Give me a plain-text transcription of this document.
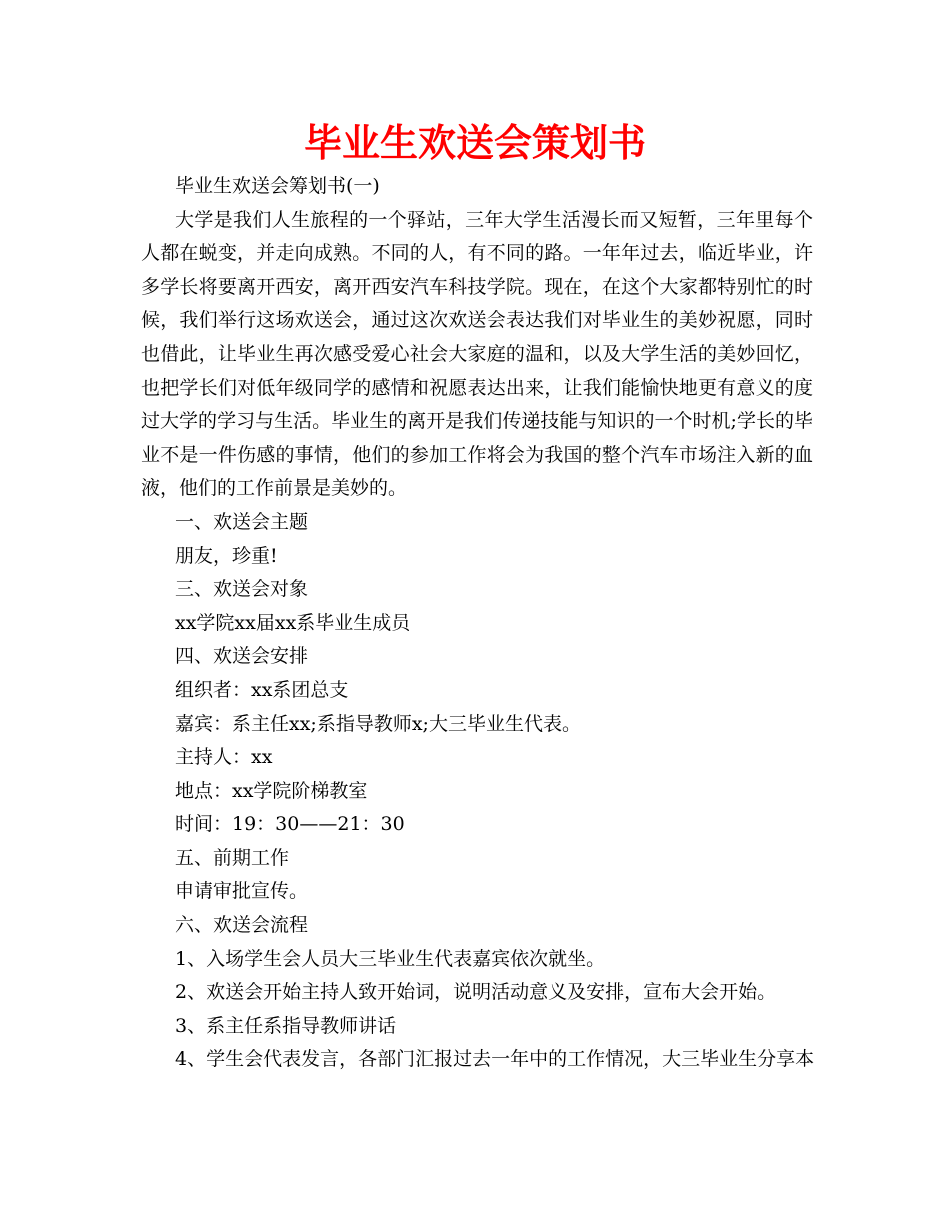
毕业生欢送会策划书

毕业生欢送会筹划书(一)

大学是我们人生旅程的一个驿站，三年大学生活漫长而又短暂，三年里每个人都在蜕变，并走向成熟。不同的人，有不同的路。一年年过去，临近毕业，许多学长将要离开西安，离开西安汽车科技学院。现在，在这个大家都特别忙的时候，我们举行这场欢送会，通过这次欢送会表达我们对毕业生的美妙祝愿，同时也借此，让毕业生再次感受爱心社会大家庭的温和，以及大学生活的美妙回忆，也把学长们对低年级同学的感情和祝愿表达出来，让我们能愉快地更有意义的度过大学的学习与生活。毕业生的离开是我们传递技能与知识的一个时机;学长的毕业不是一件伤感的事情，他们的参加工作将会为我国的整个汽车市场注入新的血液，他们的工作前景是美妙的。

一、欢送会主题

朋友，珍重!

三、欢送会对象

xx学院xx届xx系毕业生成员

四、欢送会安排

组织者：xx系团总支

嘉宾：系主任xx;系指导教师x;大三毕业生代表。

主持人：xx

地点：xx学院阶梯教室

时间：19：30——21：30

五、前期工作

申请审批宣传。

六、欢送会流程

1、入场学生会人员大三毕业生代表嘉宾依次就坐。

2、欢送会开始主持人致开始词，说明活动意义及安排，宣布大会开始。

3、系主任系指导教师讲话

4、学生会代表发言，各部门汇报过去一年中的工作情况，大三毕业生分享本
